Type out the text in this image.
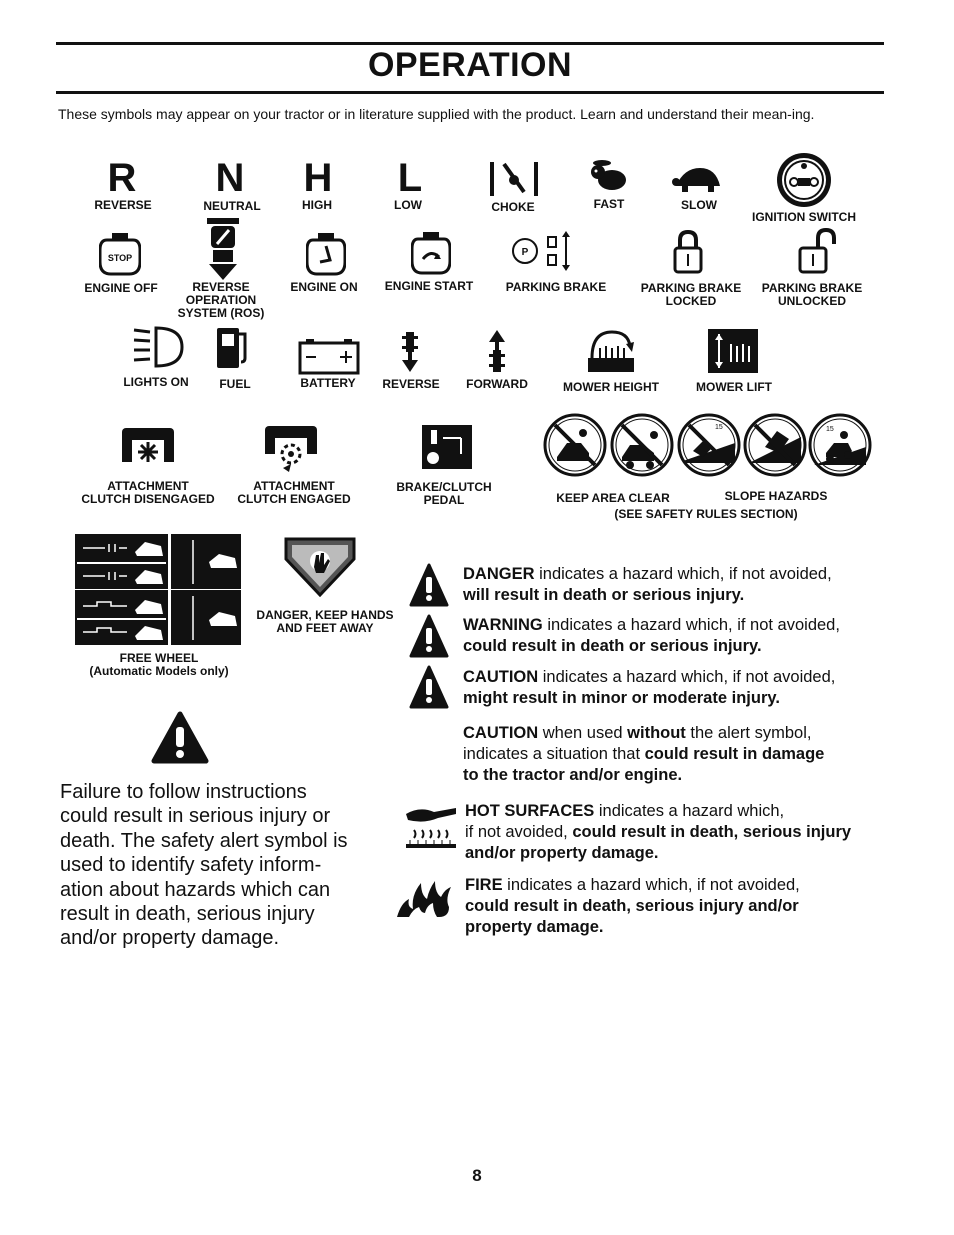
OPERATION
These symbols may appear on your tractor or in literature supplied with the product. Learn and understand their mean-ing.
R
REVERSE
N
NEUTRAL
H
HIGH
L
LOW	CHOKE	FAST	SLOW
IGNITION SWITCH
STOP
ENGINE OFF	REVERSE
OPERATION
SYSTEM (ROS)
ENGINE ON ENGINE START
P
PARKING BRAKE	PARKING BRAKE
LOCKED
PARKING BRAKE
UNLOCKED
LIGHTS ON	FUEL	BATTERY REVERSE FORWARD	MOWER HEIGHT	MOWER LIFT
ATTACHMENT
CLUTCH DISENGAGED
ATTACHMENT
CLUTCH ENGAGED
BRAKE/CLUTCH
PEDAL
15	15
KEEP AREA CLEAR	SLOPE HAZARDS
(SEE SAFETY RULES SECTION)
FREE WHEEL
(Automatic Models only)
DANGER, KEEP HANDS
AND FEET AWAY
DANGER indicates a hazard which, if not avoided,
will result in death or serious injury.
WARNING indicates a hazard which, if not avoided,
could result in death or serious injury.
CAUTION indicates a hazard which, if not avoided,
might result in minor or moderate injury.
CAUTION when used without the alert symbol,
indicates a situation that could result in damage
to the tractor and/or engine.
HOT SURFACES indicates a hazard which,
if not avoided, could result in death, serious injury
and/or property damage.
FIRE indicates a hazard which, if not avoided,
could result in death, serious injury and/or
property damage.
Failure to follow instructions could result in serious injury or death. The safety alert symbol is used to identify safety inform-ation about hazards which can result in death, serious injury and/or property damage.
8
